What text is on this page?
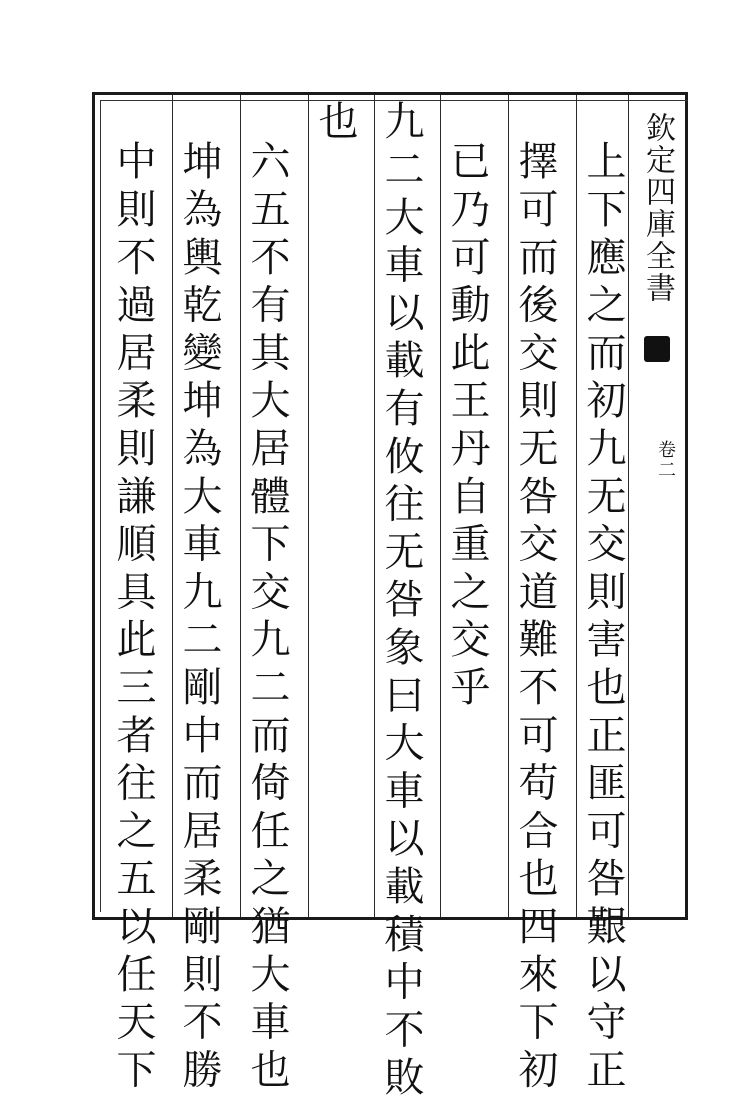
欽定四庫全書
卷二
上下應之而初九无交則害也正匪可咎艱以守正
擇可而後交則无咎交道難不可苟合也四來下初
已乃可動此王丹自重之交乎
九二大車以載有攸往无咎象曰大車以載積中不敗
也
六五不有其大居體下交九二而倚任之猶大車也
坤為輿乾變坤為大車九二剛中而居柔剛則不勝
中則不過居柔則謙順具此三者往之五以任天下
